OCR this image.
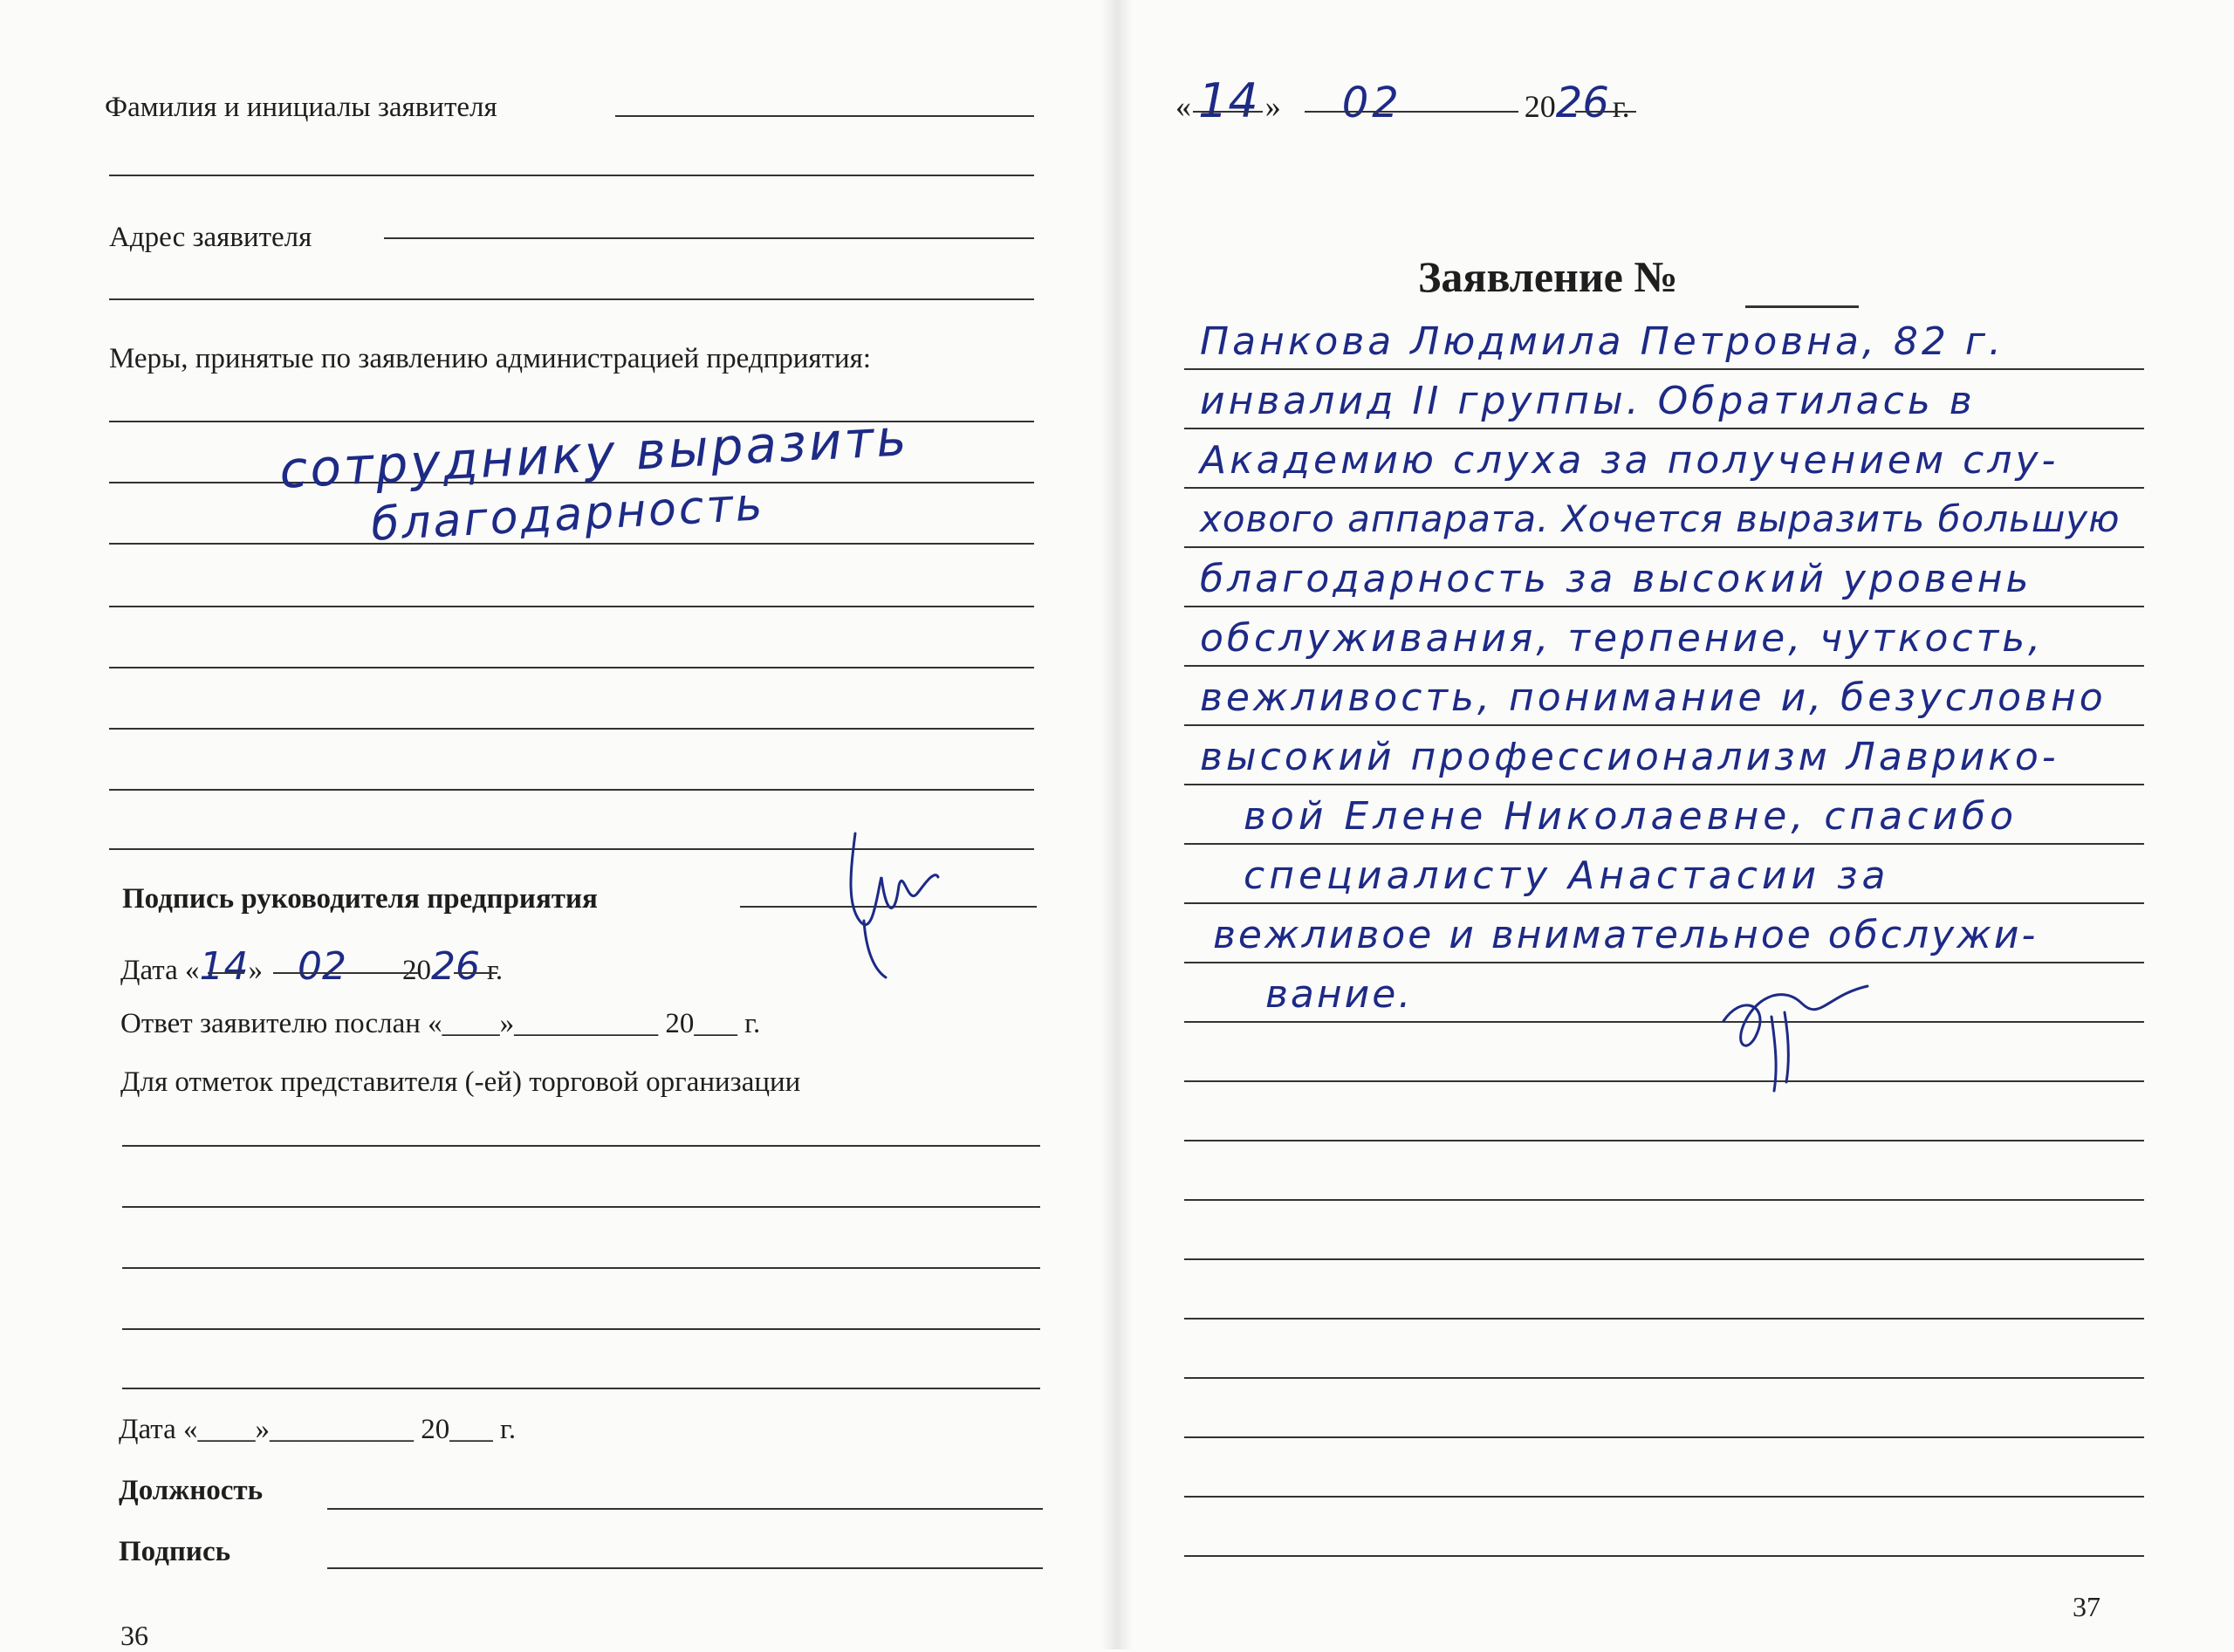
Фамилия и инициалы заявителя
Адрес заявителя
Меры, принятые по заявлению администрацией предприятия:
сотруднику выразить
благодарность
Подпись руководителя предприятия
Дата «14» 02 2026 г.
Ответ заявителю послан «____»__________ 20___ г.
Для отметок представителя (-ей) торговой организации
Дата «____»__________ 20___ г.
Должность
Подпись
36
« 14 » 02	2026 г.
Заявление №
Панкова Людмила Петровна, 82 г.
инвалид II группы. Обратилась в
Академию слуха за получением слу-
хового аппарата. Хочется выразить большую
благодарность за высокий уровень
обслуживания, терпение, чуткость,
вежливость, понимание и, безусловно
высокий профессионализм Лаврико-
вой Елене Николаевне, спасибо
специалисту Анастасии за
вежливое и внимательное обслужи-
вание.
37
